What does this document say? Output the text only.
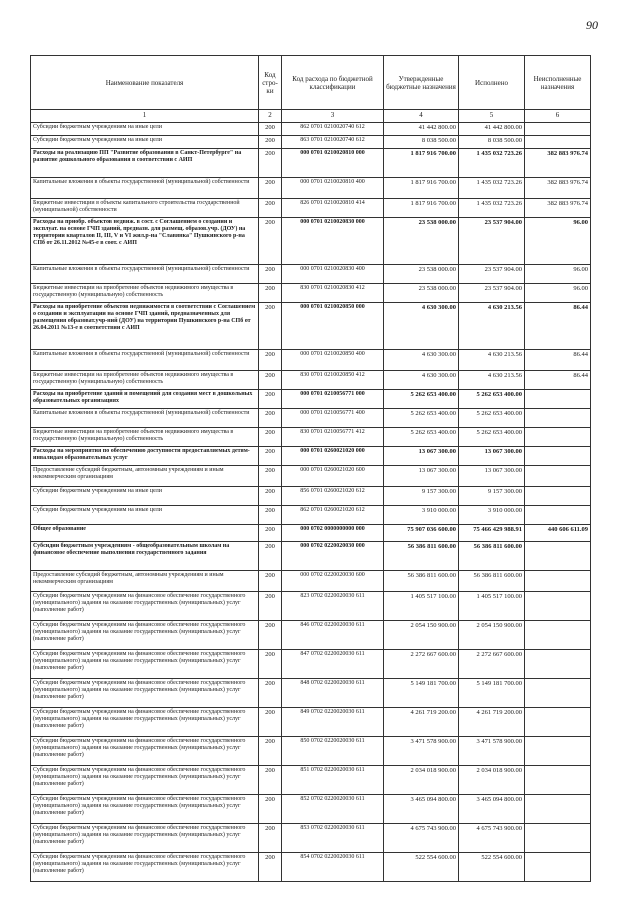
90
Наименование показателя	Код стро-ки	Код расхода по бюджетной классификации	Утвержденные бюджетные назначения	Исполнено	Неисполненные назначения
1	2	3	4	5	6
Субсидии бюджетным учреждениям на иные цели	200	862 0701 0210020740 612	41 442 800.00	41 442 800.00	
Субсидии бюджетным учреждениям на иные цели	200	863 0701 0210020740 612	8 038 500.00	8 038 500.00	
Расходы на реализацию ПП "Развитие образования в Санкт-Петербурге" на развитие дошкольного образования в соответствии с АИП	200	000 0701 0210020810 000	1 817 916 700.00	1 435 032 723.26	382 883 976.74
Капитальные вложения в объекты государственной (муниципальной) собственности	200	000 0701 0210020810 400	1 817 916 700.00	1 435 032 723.26	382 883 976.74
Бюджетные инвестиции в объекты капитального строительства государственной (муниципальной) собственности	200	826 0701 0210020810 414	1 817 916 700.00	1 435 032 723.26	382 883 976.74
Расходы на приобр. объектов недвиж. в сост. с Соглашением о создании и эксплуат. на основе ГЧП зданий, предназн. для размещ. образов.учр. (ДОУ) на территории кварталов II, III, V и VI жил.р-на "Славянка" Пушкинского р-на СПб от 26.11.2012 №45-е в соот. с АИП	200	000 0701 0210020830 000	23 538 000.00	23 537 904.00	96.00
Капитальные вложения в объекты государственной (муниципальной) собственности	200	000 0701 0210020830 400	23 538 000.00	23 537 904.00	96.00
Бюджетные инвестиции на приобретение объектов недвижимого имущества в государственную (муниципальную) собственность	200	830 0701 0210020830 412	23 538 000.00	23 537 904.00	96.00
Расходы на приобретение объектов недвижимости в соответствии с Соглашением о создании и эксплуатации на основе ГЧП зданий, предназначенных для размещения образоват.учр-ний (ДОУ) на территории Пушкинского р-на СПб от 26.04.2011 №13-е в соответствии с АИП	200	000 0701 0210020850 000	4 630 300.00	4 630 213.56	86.44
Капитальные вложения в объекты государственной (муниципальной) собственности	200	000 0701 0210020850 400	4 630 300.00	4 630 213.56	86.44
Бюджетные инвестиции на приобретение объектов недвижимого имущества в государственную (муниципальную) собственность	200	830 0701 0210020850 412	4 630 300.00	4 630 213.56	86.44
Расходы на приобретение зданий и помещений для создания мест в дошкольных образовательных организациях	200	000 0701 0210056771 000	5 262 653 400.00	5 262 653 400.00	
Капитальные вложения в объекты государственной (муниципальной) собственности	200	000 0701 0210056771 400	5 262 653 400.00	5 262 653 400.00	
Бюджетные инвестиции на приобретение объектов недвижимого имущества в государственную (муниципальную) собственность	200	830 0701 0210056771 412	5 262 653 400.00	5 262 653 400.00	
Расходы на мероприятия по обеспечению доступности предоставляемых детям-инвалидам образовательных услуг	200	000 0701 0260021020 000	13 067 300.00	13 067 300.00	
Предоставление субсидий бюджетным, автономным учреждениям и иным некоммерческим организациям	200	000 0701 0260021020 600	13 067 300.00	13 067 300.00	
Субсидии бюджетным учреждениям на иные цели	200	856 0701 0260021020 612	9 157 300.00	9 157 300.00	
Субсидии бюджетным учреждениям на иные цели	200	862 0701 0260021020 612	3 910 000.00	3 910 000.00	
Общее образование	200	000 0702 0000000000 000	75 907 036 600.00	75 466 429 988.91	440 606 611.09
Субсидии бюджетным учреждениям - общеобразовательным школам на финансовое обеспечение выполнения государственного задания	200	000 0702 0220020030 000	56 386 811 600.00	56 386 811 600.00	
Предоставление субсидий бюджетным, автономным учреждениям и иным некоммерческим организациям	200	000 0702 0220020030 600	56 386 811 600.00	56 386 811 600.00	
Субсидии бюджетным учреждениям на финансовое обеспечение государственного (муниципального) задания на оказание государственных (муниципальных) услуг (выполнение работ)	200	823 0702 0220020030 611	1 405 517 100.00	1 405 517 100.00	
Субсидии бюджетным учреждениям на финансовое обеспечение государственного (муниципального) задания на оказание государственных (муниципальных) услуг (выполнение работ)	200	846 0702 0220020030 611	2 054 150 900.00	2 054 150 900.00	
Субсидии бюджетным учреждениям на финансовое обеспечение государственного (муниципального) задания на оказание государственных (муниципальных) услуг (выполнение работ)	200	847 0702 0220020030 611	2 272 667 600.00	2 272 667 600.00	
Субсидии бюджетным учреждениям на финансовое обеспечение государственного (муниципального) задания на оказание государственных (муниципальных) услуг (выполнение работ)	200	848 0702 0220020030 611	5 149 181 700.00	5 149 181 700.00	
Субсидии бюджетным учреждениям на финансовое обеспечение государственного (муниципального) задания на оказание государственных (муниципальных) услуг (выполнение работ)	200	849 0702 0220020030 611	4 261 719 200.00	4 261 719 200.00	
Субсидии бюджетным учреждениям на финансовое обеспечение государственного (муниципального) задания на оказание государственных (муниципальных) услуг (выполнение работ)	200	850 0702 0220020030 611	3 471 578 900.00	3 471 578 900.00	
Субсидии бюджетным учреждениям на финансовое обеспечение государственного (муниципального) задания на оказание государственных (муниципальных) услуг (выполнение работ)	200	851 0702 0220020030 611	2 034 018 900.00	2 034 018 900.00	
Субсидии бюджетным учреждениям на финансовое обеспечение государственного (муниципального) задания на оказание государственных (муниципальных) услуг (выполнение работ)	200	852 0702 0220020030 611	3 465 094 800.00	3 465 094 800.00	
Субсидии бюджетным учреждениям на финансовое обеспечение государственного (муниципального) задания на оказание государственных (муниципальных) услуг (выполнение работ)	200	853 0702 0220020030 611	4 675 743 900.00	4 675 743 900.00	
Субсидии бюджетным учреждениям на финансовое обеспечение государственного (муниципального) задания на оказание государственных (муниципальных) услуг (выполнение работ)	200	854 0702 0220020030 611	522 554 600.00	522 554 600.00	
